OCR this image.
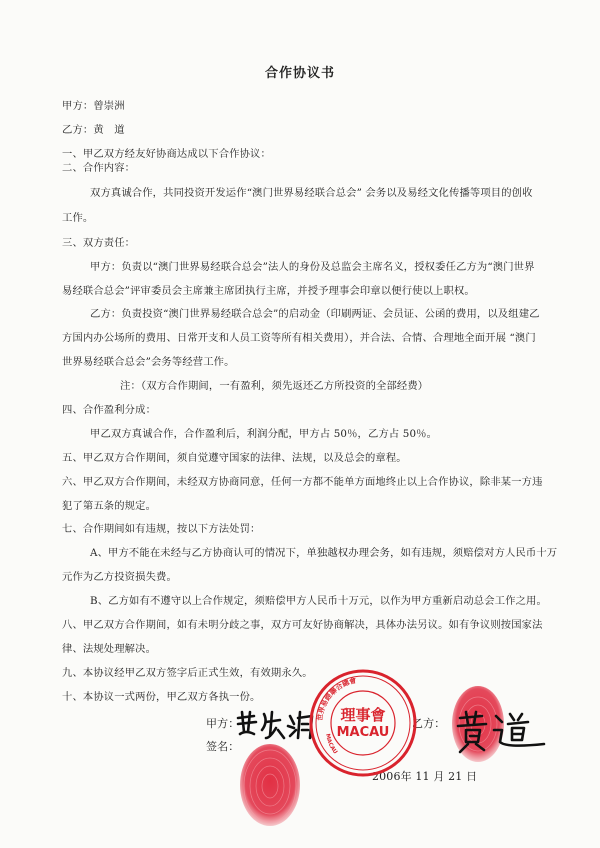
合作协议书
甲方：曾崇洲
乙方：黄　道
一、甲乙双方经友好协商达成以下合作协议：
二、合作内容：
双方真诚合作，共同投资开发运作“澳门世界易经联合总会” 会务以及易经文化传播等项目的创收
工作。
三、双方责任：
甲方：负责以“澳门世界易经联合总会”法人的身份及总监会主席名义，授权委任乙方为“澳门世界
易经联合总会”评审委员会主席兼主席团执行主席，并授予理事会印章以便行使以上职权。
乙方：负责投资“澳门世界易经联合总会”的启动金（印刷两证、会员证、公函的费用，以及组建乙
方国内办公场所的费用、日常开支和人员工资等所有相关费用），并合法、合情、合理地全面开展 “澳门
世界易经联合总会”会务等经营工作。
注：（双方合作期间，一有盈利，须先返还乙方所投资的全部经费）
四、合作盈利分成：
甲乙双方真诚合作，合作盈利后，利润分配，甲方占 50％，乙方占 50％。
五、甲乙双方合作期间，须自觉遵守国家的法律、法规，以及总会的章程。
六、甲乙双方合作期间，未经双方协商同意，任何一方都不能单方面地终止以上合作协议，除非某一方违
犯了第五条的规定。
七、合作期间如有违规，按以下方法处罚：
A、甲方不能在未经与乙方协商认可的情况下，单独越权办理会务，如有违规，须赔偿对方人民币十万
元作为乙方投资损失费。
B、乙方如有不遵守以上合作规定，须赔偿甲方人民币十万元，以作为甲方重新启动总会工作之用。
八、甲乙双方合作期间，如有未明分歧之事，双方可友好协商解决，具体办法另议。如有争议则按国家法
律、法规处理解决。
九、本协议经甲乙双方签字后正式生效，有效期永久。
十、本协议一式两份，甲乙双方各执一份。
甲方：
签名：
乙方：
2006年 11 月 21 日
世界易經聯合總會
MACAU
理事會
MACAU
